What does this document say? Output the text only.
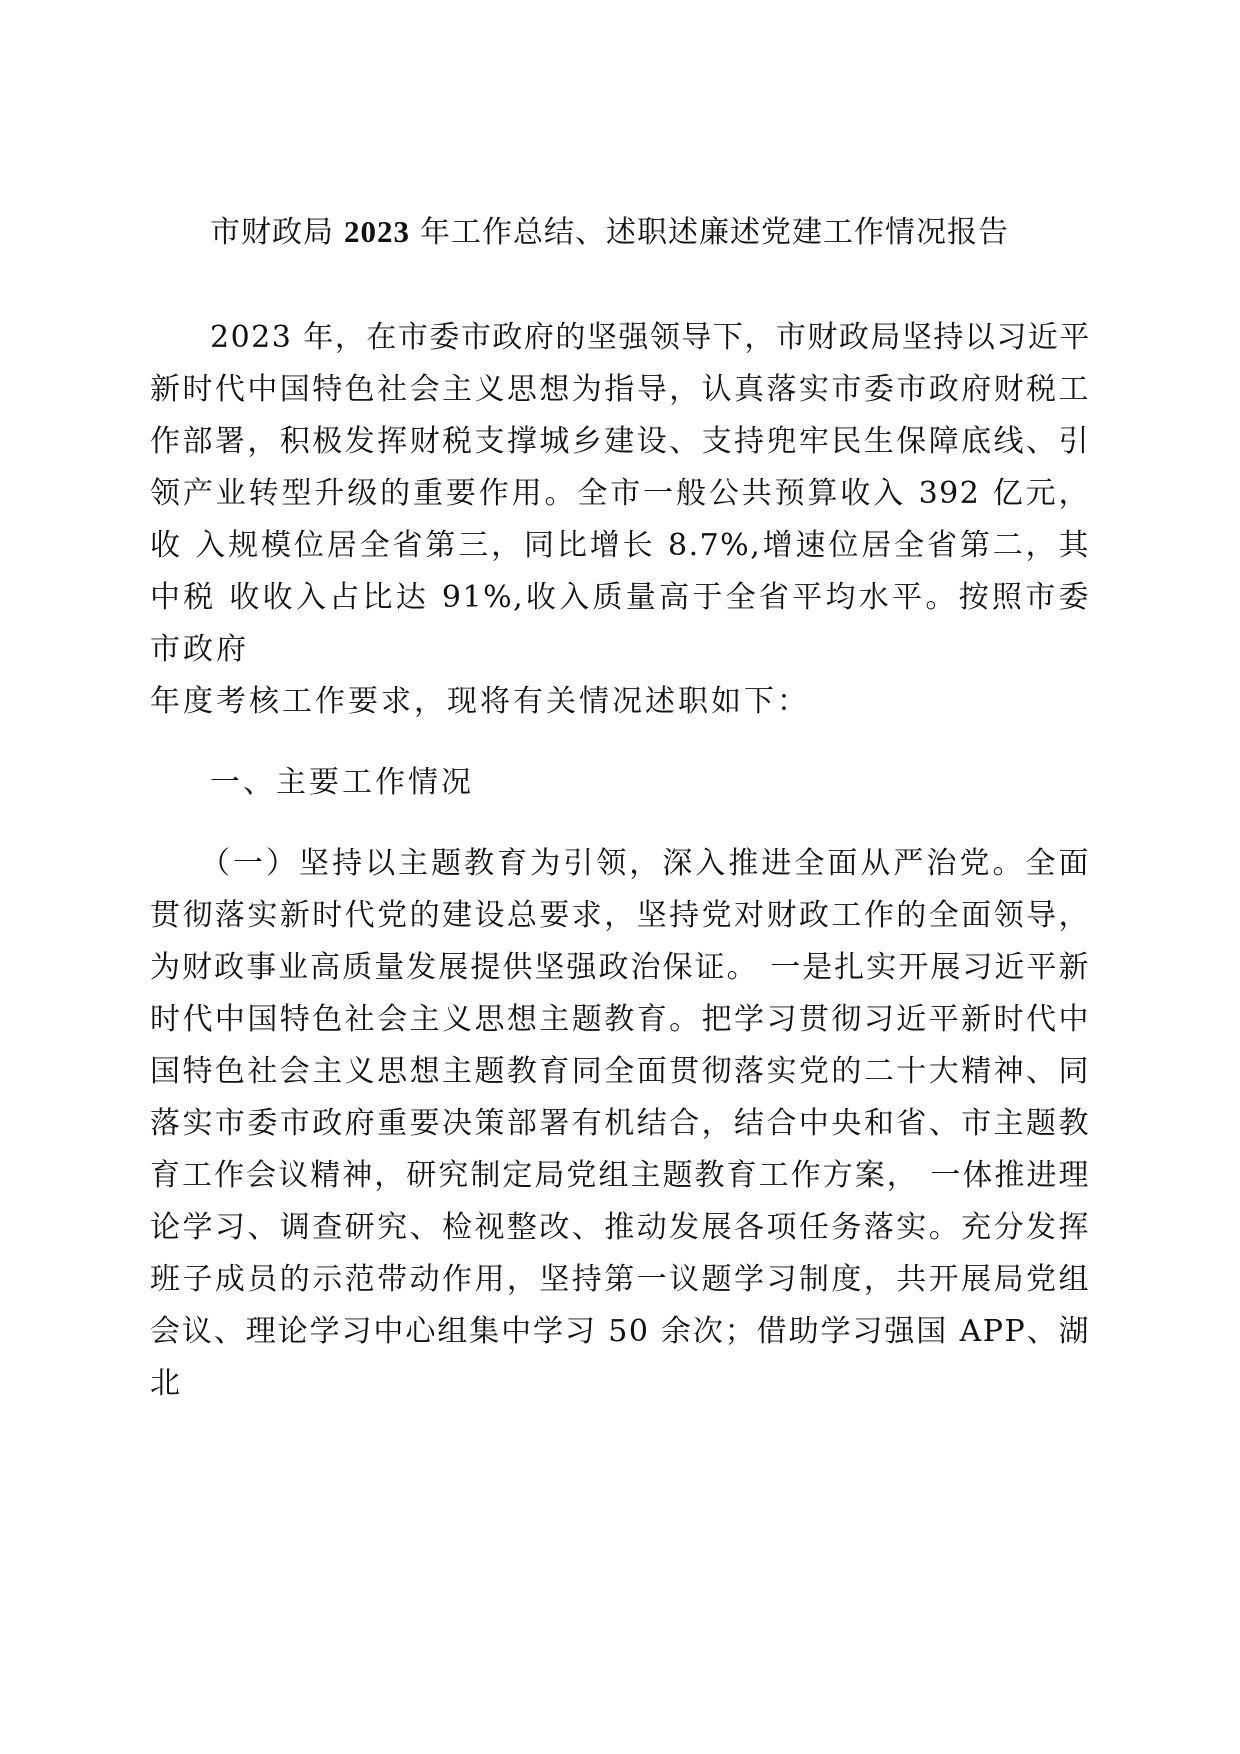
市财政局 2023 年工作总结、述职述廉述党建工作情况报告
2023 年，在市委市政府的坚强领导下，市财政局坚持以习近平
新时代中国特色社会主义思想为指导，认真落实市委市政府财税工
作部署，积极发挥财税支撑城乡建设、支持兜牢民生保障底线、引
领产业转型升级的重要作用。全市一般公共预算收入 392 亿元，
收 入规模位居全省第三，同比增长 8.7%,增速位居全省第二，其
中税 收收入占比达 91%,收入质量高于全省平均水平。按照市委
市政府
年度考核工作要求，现将有关情况述职如下：
一、主要工作情况
（一）坚持以主题教育为引领，深入推进全面从严治党。全面
贯彻落实新时代党的建设总要求，坚持党对财政工作的全面领导，
为财政事业高质量发展提供坚强政治保证。 一是扎实开展习近平新
时代中国特色社会主义思想主题教育。把学习贯彻习近平新时代中
国特色社会主义思想主题教育同全面贯彻落实党的二十大精神、同
落实市委市政府重要决策部署有机结合，结合中央和省、市主题教
育工作会议精神，研究制定局党组主题教育工作方案， 一体推进理
论学习、调查研究、检视整改、推动发展各项任务落实。充分发挥
班子成员的示范带动作用，坚持第一议题学习制度，共开展局党组
会议、理论学习中心组集中学习 50 余次；借助学习强国 APP、湖
北
